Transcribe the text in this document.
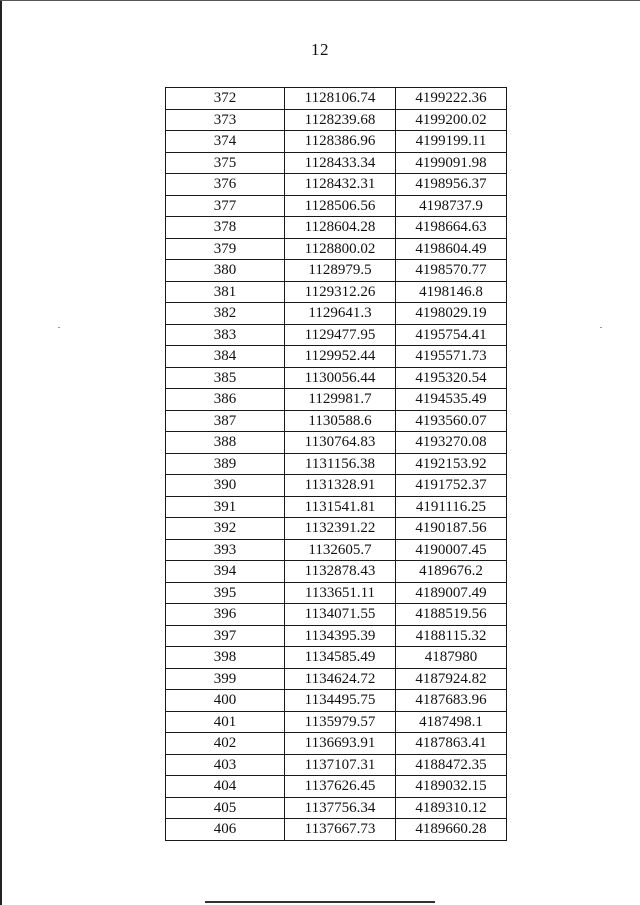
12
372	1128106.74	4199222.36
373	1128239.68	4199200.02
374	1128386.96	4199199.11
375	1128433.34	4199091.98
376	1128432.31	4198956.37
377	1128506.56	4198737.9
378	1128604.28	4198664.63
379	1128800.02	4198604.49
380	1128979.5	4198570.77
381	1129312.26	4198146.8
382	1129641.3	4198029.19
383	1129477.95	4195754.41
384	1129952.44	4195571.73
385	1130056.44	4195320.54
386	1129981.7	4194535.49
387	1130588.6	4193560.07
388	1130764.83	4193270.08
389	1131156.38	4192153.92
390	1131328.91	4191752.37
391	1131541.81	4191116.25
392	1132391.22	4190187.56
393	1132605.7	4190007.45
394	1132878.43	4189676.2
395	1133651.11	4189007.49
396	1134071.55	4188519.56
397	1134395.39	4188115.32
398	1134585.49	4187980
399	1134624.72	4187924.82
400	1134495.75	4187683.96
401	1135979.57	4187498.1
402	1136693.91	4187863.41
403	1137107.31	4188472.35
404	1137626.45	4189032.15
405	1137756.34	4189310.12
406	1137667.73	4189660.28
